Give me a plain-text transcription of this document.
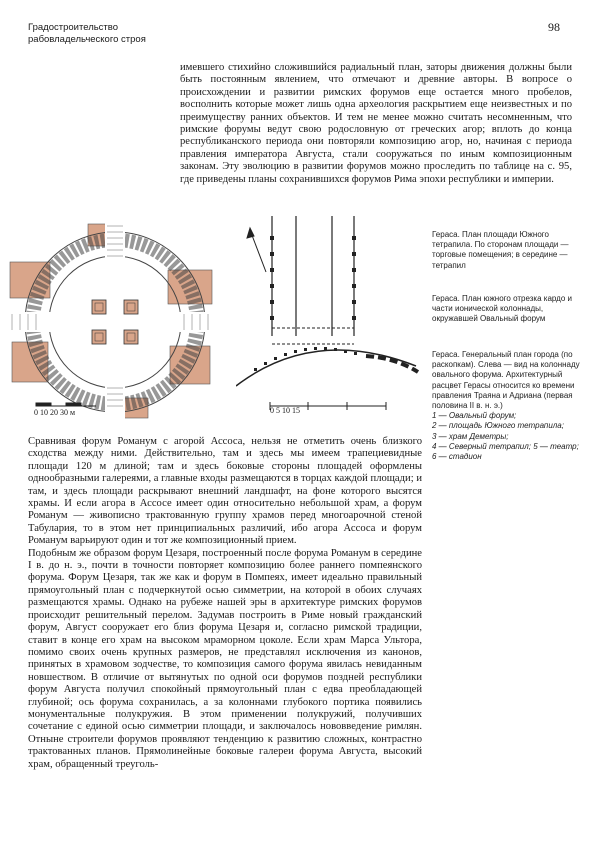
Градостроительство
рабовладельческого строя
98
имевшего стихийно сложившийся радиальный план, заторы движения должны были быть постоянным явлением, что отмечают и древние авторы. В вопросе о происхождении и развитии римских форумов еще остается много пробелов, восполнить которые может лишь одна археология раскрытием еще неизвестных и по преимуществу ранних объектов. И тем не менее можно считать несомненным, что римские форумы ведут свою родословную от греческих агор; вплоть до конца республиканского периода они повторяли композицию агор, но, начиная с периода правления императора Августа, стали сооружаться по иным композиционным законам. Эту эволюцию в развитии форумов можно проследить по таблице на с. 95, где приведены планы сохранившихся форумов Рима эпохи республики и империи.
0 10 20 30 м	0 5 10 15
Гераса. План площади Южного тетрапила. По сторонам площади — торговые помещения; в середине — тетрапил
Гераса. План южного отрезка кардо и части ионической колоннады, окружавшей Овальный форум
Гераса. Генеральный план города (по раскопкам). Слева — вид на колоннаду овального форума. Архитектурный расцвет Герасы относится ко времени правления Траяна и Адриана (первая половина II в. н. э.)
1 — Овальный форум;
2 — площадь Южного тетрапила;
3 — храм Деметры;
4 — Северный тетрапил; 5 — театр;
6 — стадион

Сравнивая форум Романум с агорой Ассоса, нельзя не отметить очень близкого сходства между ними. Действительно, там и здесь мы имеем трапециевидные площади 120 м длиной; там и здесь боковые стороны площадей оформлены однообразными галереями, а главные входы размещаются в торцах каждой площади; и там, и здесь площади раскрывают внешний ландшафт, на фоне которого высятся храмы. И если агора в Ассосе имеет один относительно небольшой храм, а форум Романум — живописно трактованную группу храмов перед многоарочной стеной Табулария, то в этом нет принципиальных различий, ибо агора Ассоса и форум Романум варьируют один и тот же композиционный прием.

Подобным же образом форум Цезаря, построенный после форума Романум в середине I в. до н. э., почти в точности повторяет композицию более раннего помпеянского форума. Форум Цезаря, так же как и форум в Помпеях, имеет идеально правильный прямоугольный план с подчеркнутой осью симметрии, на которой в обоих случаях размещаются храмы. Однако на рубеже нашей эры в архитектуре римских форумов происходит решительный перелом. Задумав построить в Риме новый гражданский форум, Август сооружает его близ форума Цезаря и, согласно римской традиции, ставит в конце его храм на высоком мраморном цоколе. Если храм Марса Ультора, помимо своих очень крупных размеров, не представлял исключения из канонов, принятых в храмовом зодчестве, то композиция самого форума явилась невиданным новшеством. В отличие от вытянутых по одной оси форумов поздней республики форум Августа получил спокойный прямоугольный план с едва преобладающей глубиной; ось форума сохранилась, а за колоннами глубокого портика появились монументальные полукружия. В этом применении полукружий, получивших сочетание с единой осью симметрии площади, и заключалось нововведение римлян. Отныне строители форумов проявляют тенденцию к развитию сложных, контрастно трактованных планов. Прямолинейные боковые галереи форума Августа, высокий храм, обращенный треуголь-
